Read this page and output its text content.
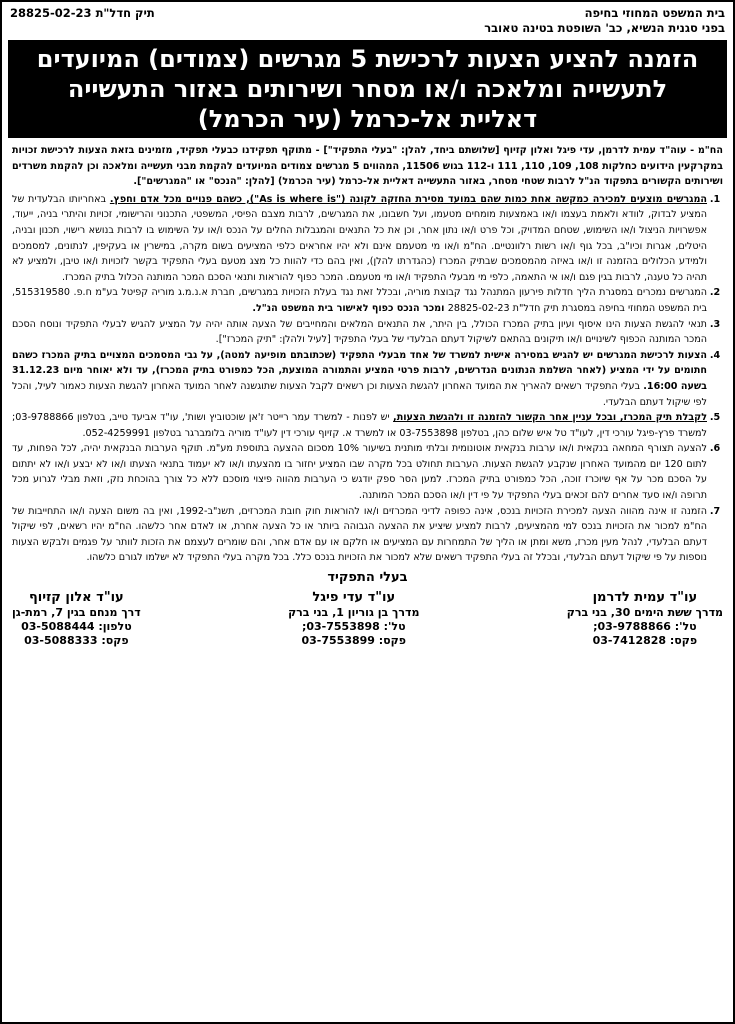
בית המשפט המחוזי בחיפה
בפני סגנית הנשיא, כב' השופטת בטינה טאובר
תיק חדל"ת 28825-02-23
הזמנה להציע הצעות לרכישת 5 מגרשים (צמודים) המיועדים
לתעשייה ומלאכה ו/או מסחר ושירותים באזור התעשייה
דאליית אל-כרמל (עיר הכרמל)

הח"מ - עוה"ד עמית לדרמן, עדי פיגל ואלון קזיוף [שלושתם ביחד, להלן: "בעלי התפקיד"] - מתוקף תפקידנו כבעלי תפקיד, מזמינים בזאת הצעות לרכישת זכויות במקרקעין הידועים כחלקות 108, 109, 110, 111 ו-112 בגוש 11506, המהווים 5 מגרשים צמודים המיועדים להקמת מבני תעשייה ומלאכה וכן להקמת משרדים ושירותים הקשורים בתפקוד הנ"ל לרבות שטחי מסחר, באזור התעשייה דאליית אל-כרמל (עיר הכרמל) [להלן: "הנכס" או "המגרשים"].

1.
המגרשים מוצעים למכירה כמקשה אחת כמות שהם במועד מסירת החזקה לקונה ("As is where is"), כשהם פנויים מכל אדם וחפץ. באחריותו הבלעדית של המציע לבדוק, לוודא ולאמת בעצמו ו/או באמצעות מומחים מטעמו, ועל חשבונו, את המגרשים, לרבות מצבם הפיסי, המשפטי, התכנוני והרישומי, זכויות והיתרי בניה, ייעוד, אפשרויות הניצול ו/או השימוש, שטחם המדויק, וכל פרט ו/או נתון אחר, וכן את כל התנאים והמגבלות החלים על הנכס ו/או על השימוש בו לרבות בנושא רישוי, תכנון ובניה, היטלים, אגרות וכיו"ב, בכל גוף ו/או רשות רלוונטיים. הח"מ ו/או מי מטעמם אינם ולא יהיו אחראים כלפי המציעים בשום מקרה, במישרין או בעקיפין, לנתונים, למסמכים ולמידע הכלולים בהזמנה זו ו/או באיזה מהמסמכים שבתיק המכרז (כהגדרתו להלן), ואין בהם כדי להוות כל מצג מטעם בעלי התפקיד בקשר לזכויות ו/או טיבן, ולמציע לא תהיה כל טענה, לרבות בגין פגם ו/או אי התאמה, כלפי מי מבעלי התפקיד ו/או מי מטעמם. המכר כפוף להוראות ותנאי הסכם המכר המותנה הכלול בתיק המכרז.
2.
המגרשים נמכרים במסגרת הליך חדלות פירעון המתנהל נגד קבוצת מוריה, ובכלל זאת נגד בעלת הזכויות במגרשים, חברת א.נ.מ.ג מוריה קפיטל בע"מ ח.פ. 515319580, בית המשפט המחוזי בחיפה במסגרת תיק חדל"ת 28825-02-23 ומכר הנכס כפוף לאישור בית המשפט הנ"ל.
3.
תנאי להגשת הצעות הינו איסוף ועיון בתיק המכרז הכולל, בין היתר, את התנאים המלאים והמחייבים של הצעה אותה יהיה על המציע להגיש לבעלי התפקיד ונוסח הסכם המכר המותנה הכפוף לשינויים ו/או תיקונים בהתאם לשיקול דעתם הבלעדי של בעלי התפקיד [לעיל ולהלן: "תיק המכרז"].
4.
הצעות לרכישת המגרשים יש להגיש במסירה אישית למשרד של אחד מבעלי התפקיד (שכתובתם מופיעה למטה), על גבי המסמכים המצויים בתיק המכרז כשהם חתומים על ידי המציע (לאחר השלמת הנתונים הנדרשים, לרבות פרטי המציע והתמורה המוצעת, הכל כמפורט בתיק המכרז), עד ולא יאוחר מיום 31.12.23 בשעה 16:00. בעלי התפקיד רשאים להאריך את המועד האחרון להגשת הצעות וכן רשאים לקבל הצעות שתוגשנה לאחר המועד האחרון להגשת הצעות כאמור לעיל, והכל לפי שיקול דעתם הבלעדי.
5.
לקבלת תיק המכרז, ובכל עניין אחר הקשור להזמנה זו ולהגשת הצעות, יש לפנות - למשרד עמר רייטר ז'אן שוכטוביץ ושות', עו"ד אביעד טייב, בטלפון 03-9788866; למשרד פרץ-פיגל עורכי דין, לעו"ד טל איש שלום כהן, בטלפון 03-7553898 או למשרד א. קזיוף עורכי דין לעו"ד מוריה בלומברגר בטלפון 052-4259991.
6.
להצעה תצורף המחאה בנקאית ו/או ערבות בנקאית אוטונומית ובלתי מותנית בשיעור 10% מסכום ההצעה בתוספת מע"מ. תוקף הערבות הבנקאית יהיה, לכל הפחות, עד לתום 120 יום מהמועד האחרון שנקבע להגשת הצעות. הערבות תחולט בכל מקרה שבו המציע יחזור בו מהצעתו ו/או לא יעמוד בתנאי הצעתו ו/או לא יבצע ו/או לא יתתום על הסכם מכר על אף שיוכרז זוכה, הכל כמפורט בתיק המכרז. למען הסר ספק יודגש כי הערבות מהווה פיצוי מוסכם ללא כל צורך בהוכחת נזק, וזאת מבלי לגרוע מכל תרופה ו/או סעד אחרים להם זכאים בעלי התפקיד על פי דין ו/או הסכם המכר המותנה.
7.
הזמנה זו אינה מהווה הצעה למכירת הזכויות בנכס, אינה כפופה לדיני המכרזים ו/או להוראות חוק חובת המכרזים, תשנ"ב-1992, ואין בה משום הצעה ו/או התחייבות של הח"מ למכור את הזכויות בנכס למי מהמציעים, לרבות למציע שיציע את ההצעה הגבוהה ביותר או כל הצעה אחרת, או לאדם אחר כלשהו. הח"מ יהיו רשאים, לפי שיקול דעתם הבלעדי, לנהל מעין מכרז, משא ומתן או הליך של התמחרות עם המציעים או חלקם או עם אדם אחר, והם שומרים לעצמם את הזכות לוותר על פגמים ולבקש הצעות נוספות על פי שיקול דעתם הבלעדי, ובכלל זה בעלי התפקיד רשאים שלא למכור את הזכויות בנכס כלל. בכל מקרה בעלי התפקיד לא ישלמו לגורם כלשהו.
בעלי התפקיד
עו"ד עמית לדרמן
מדרך ששת הימים 30, בני ברק
טל': 03-9788866;
פקס: 03-7412828
עו"ד עדי פיגל
מדרך בן גוריון 1, בני ברק
טל': 03-7553898;
פקס: 03-7553899
עו"ד אלון קזיוף
דרך מנחם בגין 7, רמת-גן
טלפון: 03-5088444
פקס: 03-5088333
